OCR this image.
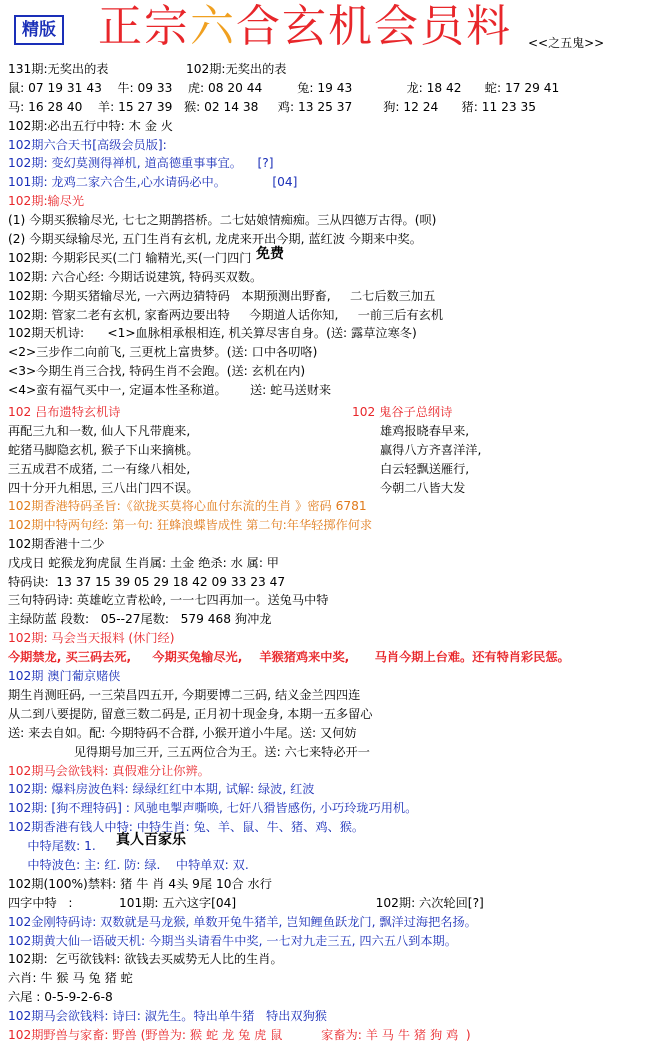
精版 正宗六合玄机会员料 <<之五鬼>>
131期:无奖出的表                    102期:无奖出的表
鼠: 07 19 31 43    牛: 09 33    虎: 08 20 44         兔: 19 43              龙: 18 42      蛇: 17 29 41
马: 16 28 40    羊: 15 27 39   猴: 02 14 38     鸡: 13 25 37        狗: 12 24      猪: 11 23 35
102期:必出五行中特: 木 金 火
102期六合天书[高级会员版]:
102期: 变幻莫测得禅机, 道高德重事事宜。    [?]
101期: 龙鸡二家六合生,心水请码必中。            [04]
102期:输尽光
(1) 今期买猴输尽光, 七七之期鹊搭桥。二七姑娘情痴痴。三从四德万古得。(呗)
(2) 今期买绿输尽光, 五门生肖有玄机, 龙虎来开出今期, 蓝红波 今期来中奖。
102期: 今期彩民买(二门 输精光,买(一门四门 免费
102期: 六合心经: 今期话说建筑, 特码买双数。
102期: 今期买猪输尽光, 一六两边猜特码   本期预测出野畜,     二七后数三加五
102期: 管家二老有玄机, 家畜两边要出特     今期道人话你知,     一前三后有玄机
102期天机诗:      <1>血脉相承根相连, 机关算尽害自身。(送: 露草泣寒冬)
<2>三步作二向前飞, 三更枕上富贵梦。(送: 口中各叨咯)
<3>今期生肖三合找, 特码生肖不会跑。(送: 玄机在内)
<4>蛮有福气买中一, 定逼本性圣称道。      送: 蛇马送财来
102 吕布遗特玄机诗	102 鬼谷子总纲诗
再配三九和一数, 仙人下凡带鹿来,
蛇猪马脚隐玄机, 猴子下山来摘桃。
三五成君不成猪, 二一有缘八相处,
四十分开九相思, 三八出门四不误。
雄鸡报晓春早来,
赢得八方齐喜洋洋,
白云轻飘送雁行,
今朝二八皆大发
102期香港特码圣旨:《欲拢买莫将心血付东流的生肖 》密码 6781
102期中特两句经: 第一句: 狂蜂浪蝶皆成性 第二句:年华轻掷作何求
102期香港十二少
戊戌日 蛇猴龙狗虎鼠 生肖属: 土金 绝杀: 水 属: 甲
特码诀:  13 37 15 39 05 29 18 42 09 33 23 47
三句特码诗: 英雄屹立青松岭, 一一七四再加一。送兔马中特
主绿防蓝 段数:   05--27尾数:   579 468 狗冲龙
102期: 马会当天报料 (休门经)
今期禁龙, 买三码去死,     今期买兔输尽光,    羊猴猪鸡来中奖,      马肖今期上台难。还有特肖彩民惩。
102期 澳门葡京赌侠
期生肖测旺码, 一三荣昌四五开, 今期要博二三码, 结义金兰四四连
从二到八要提防, 留意三数二码是, 正月初十现金身, 本期一五多留心
送: 来去自如。配: 今期特码不合群, 小猴开道小牛尾。送: 又何妨
见得期号加三开, 三五两位合为王。送: 六七来特必开一
102期马会欲钱料: 真假难分让你辨。
102期: 爆料房波色料: 绿绿红红中本期, 试解: 绿波, 红波
102期: [狗不理特码] : 风驰电掣声嘶唤, 七奸八猾皆感伤, 小巧玲珑巧用机。
102期香港有钱人中特: 中特生肖: 兔、羊、鼠、牛、猪、鸡、猴。
中特尾数: 1. 真人百家乐
中特波色: 主: 红. 防: 绿.    中特单双: 双.
102期(100%)禁料: 猪 牛 肖 4头 9尾 10合 水行
四字中特   :            101期: 五六这字[04]                                    102期: 六次轮回[?]
102金刚特码诗: 双数就是马龙猴, 单数开兔牛猪羊, 岂知鲤鱼跃龙门, 飘洋过海把名扬。
102期黄大仙一语破天机: 今期当头请看牛中奖, 一七对九走三五, 四六五八到本期。
102期:  乞丐欲钱料: 欲钱去买威势无人比的生肖。
六肖: 牛 猴 马 兔 猪 蛇
六尾 : 0-5-9-2-6-8
102期马会欲钱料: 诗曰: 淑先生。特出单牛猪   特出双狗猴
102期野兽与家畜: 野兽 (野兽为: 猴 蛇 龙 兔 虎 鼠          家畜为: 羊 马 牛 猪 狗 鸡  )
